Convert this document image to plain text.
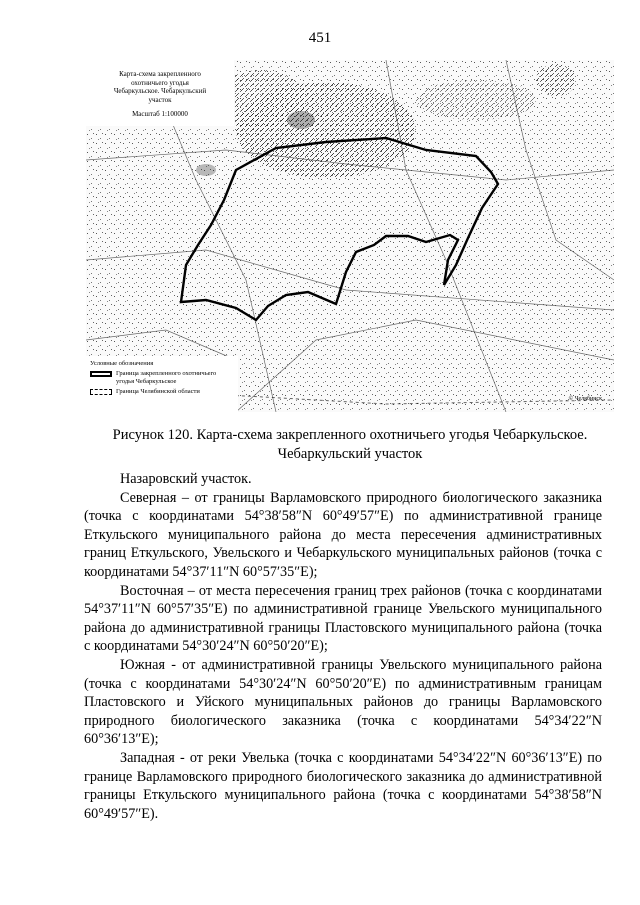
451
Карта-схема закрепленного
охотничьего угодья
Чебаркульское. Чебаркульский
участок
Масштаб 1:100000
Условные обозначения
Граница закрепленного охотничьего угодья Чебаркульское
Граница Челябинской области
© Челябинск
Рисунок 120. Карта-схема закрепленного охотничьего угодья Чебаркульское. Чебаркульский участок

Назаровский участок.

Северная – от границы Варламовского природного биологического заказника (точка с координатами 54°38′58″N 60°49′57″E) по административной границе Еткульского муниципального района до места пересечения административных границ Еткульского, Увельского и Чебаркульского муниципальных районов (точка с координатами 54°37′11″N 60°57′35″E);

Восточная – от места пересечения границ трех районов (точка с координатами 54°37′11″N 60°57′35″E) по административной границе Увельского муниципального района до административной границы Пластовского муниципального района (точка с координатами 54°30′24″N 60°50′20″E);

Южная - от административной границы Увельского муниципального района (точка с координатами 54°30′24″N 60°50′20″E) по административным границам Пластовского и Уйского муниципальных районов до границы Варламовского природного биологического заказника (точка с координатами 54°34′22″N 60°36′13″E);

Западная - от реки Увелька (точка с координатами 54°34′22″N 60°36′13″E) по границе Варламовского природного биологического заказника до административной границы Еткульского муниципального района (точка с координатами 54°38′58″N 60°49′57″E).
